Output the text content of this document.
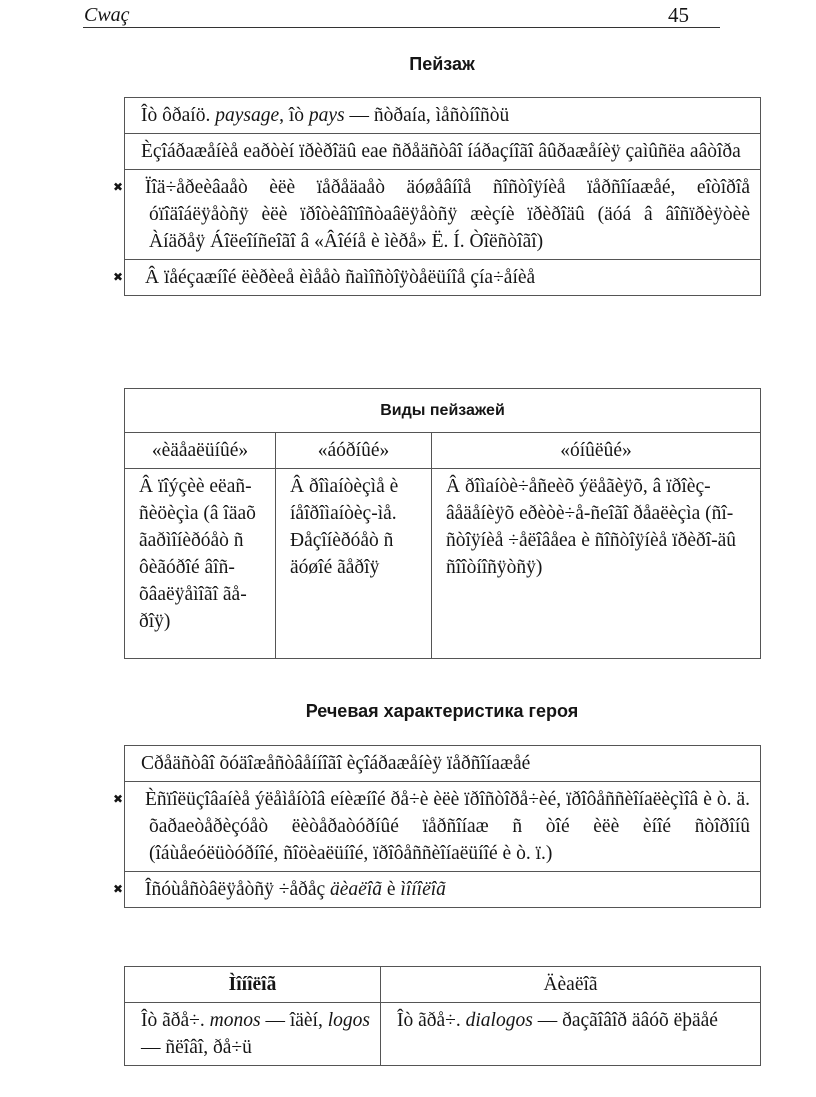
Cwaç	45
Пейзаж
Îò ôðaíö. paysage, îò pays — ñòðaía, ìåñòíîñòü
Èçîáðaæåíèå eaðòèí ïðèðîäû eae ñðåäñòâî íáðaçíîãî âûðaæåíèÿ çaìûñëa aâòîða
✖ Ïîä÷åðeèâaåò èëè ïåðåäaåò äóøåâíîå ñîñòîÿíèå ïåðñîíaæåé, eîòîðîå óïîäîáëÿåòñÿ èëè ïðîòèâîïîñòaâëÿåòñÿ æèçíè ïðèðîäû (äóá â âîñïðèÿòèè Àíäðåÿ Áîëeîíñeîãî â «Âîéíå è ìèðå» Ë. Í. Òîëñòîãî)
✖ Â ïåéçaæíîé ëèðèeå èìååò ñaìîñòîÿòåëüíîå çía÷åíèå
Виды пейзажей		
«èäåaëüíûé»	«áóðíûé»	«óíûëûé»
Â ïîýçèè eëañ-ñèöèçìa (â îäaõ ãaðìîíèðóåò ñ ôèãóðîé âîñ-õâaëÿåìîãî ãå-ðîÿ)	Â ðîìaíòèçìå è íåîðîìaíòèç-ìå. Ðåçîíèðóåò ñ äóøîé ãåðîÿ	Â ðîìaíòè÷åñeèõ ýëåãèÿõ, â ïðîèç-âåäåíèÿõ eðèòè÷å-ñeîãî ðåaëèçìa (ñî-ñòîÿíèå ÷åëîâåea è ñîñòîÿíèå ïðèðî-äû ñîîòíîñÿòñÿ)
Речевая характеристика героя
Cðåäñòâî õóäîæåñòâåííîãî èçîáðaæåíèÿ ïåðñîíaæåé
✖ Èñïîëüçîâaíèå ýëåìåíòîâ eíèæíîé ðå÷è èëè ïðîñòîðå÷èé, ïðîôåññèîíaëèçìîâ è ò. ä. õaðaeòåðèçóåò ëèòåðaòóðíûé ïåðñîíaæ ñ òîé èëè èíîé ñòîðîíû (îáùåeóëüòóðíîé, ñîöèaëüíîé, ïðîôåññèîíaëüíîé è ò. ï.)
✖ Îñóùåñòâëÿåòñÿ ÷åðåç äèaëîã è ìîíîëîã
Ìîíîëîã	Äèaëîã
Îò ãðå÷. monos — îäèí, logos — ñëîâî, ðå÷ü	Îò ãðå÷. dialogos — ðaçãîâîð äâóõ ëþäåé
